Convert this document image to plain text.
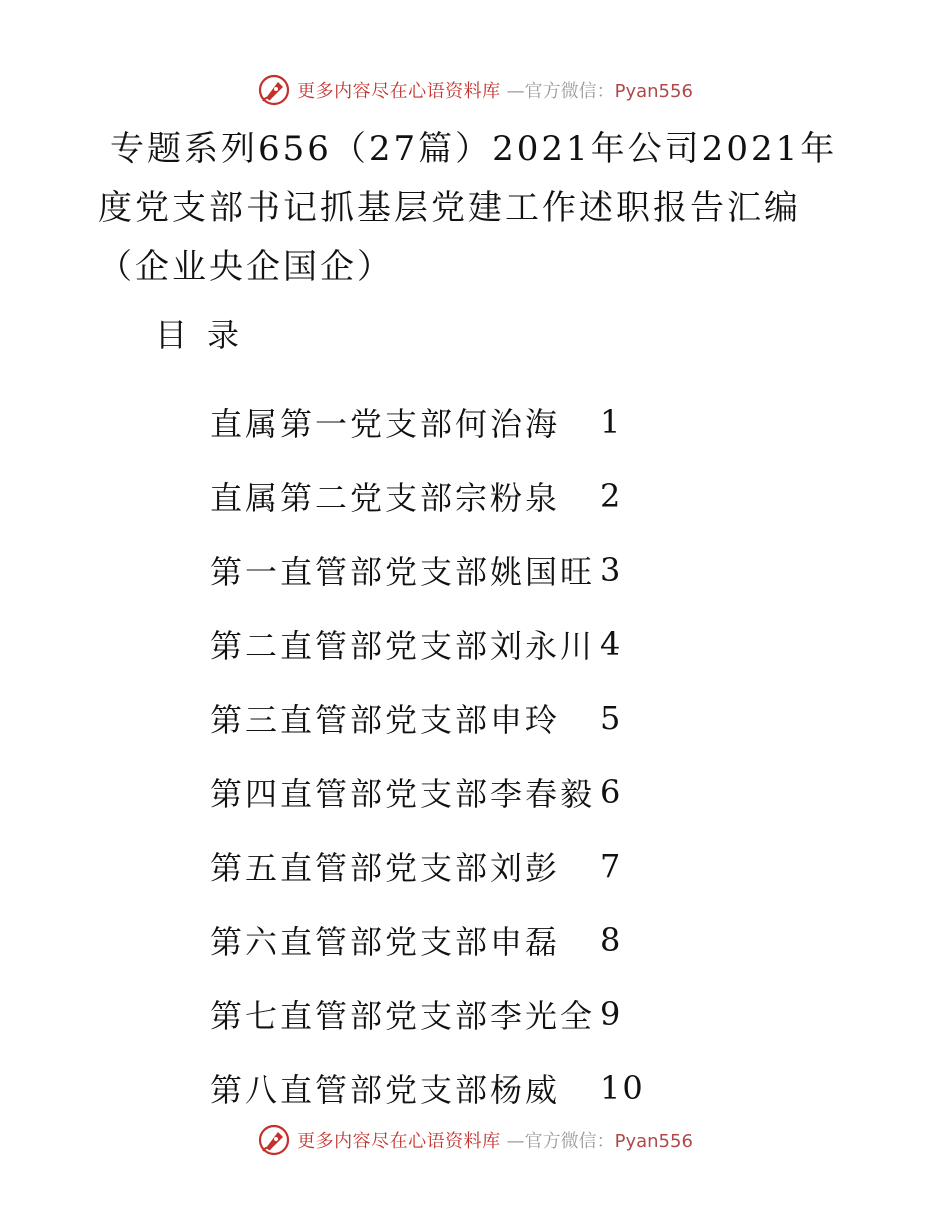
更多内容尽在心语资料库 —官方微信：Pyan556
专题系列656（27篇）2021年公司2021年度党支部书记抓基层党建工作述职报告汇编（企业央企国企）
目录
直属第一党支部何治海	1
直属第二党支部宗粉泉	2
第一直管部党支部姚国旺 3
第二直管部党支部刘永川 4
第三直管部党支部申玲	5
第四直管部党支部李春毅 6
第五直管部党支部刘彭	7
第六直管部党支部申磊	8
第七直管部党支部李光全 9
第八直管部党支部杨威	10
更多内容尽在心语资料库 —官方微信：Pyan556
